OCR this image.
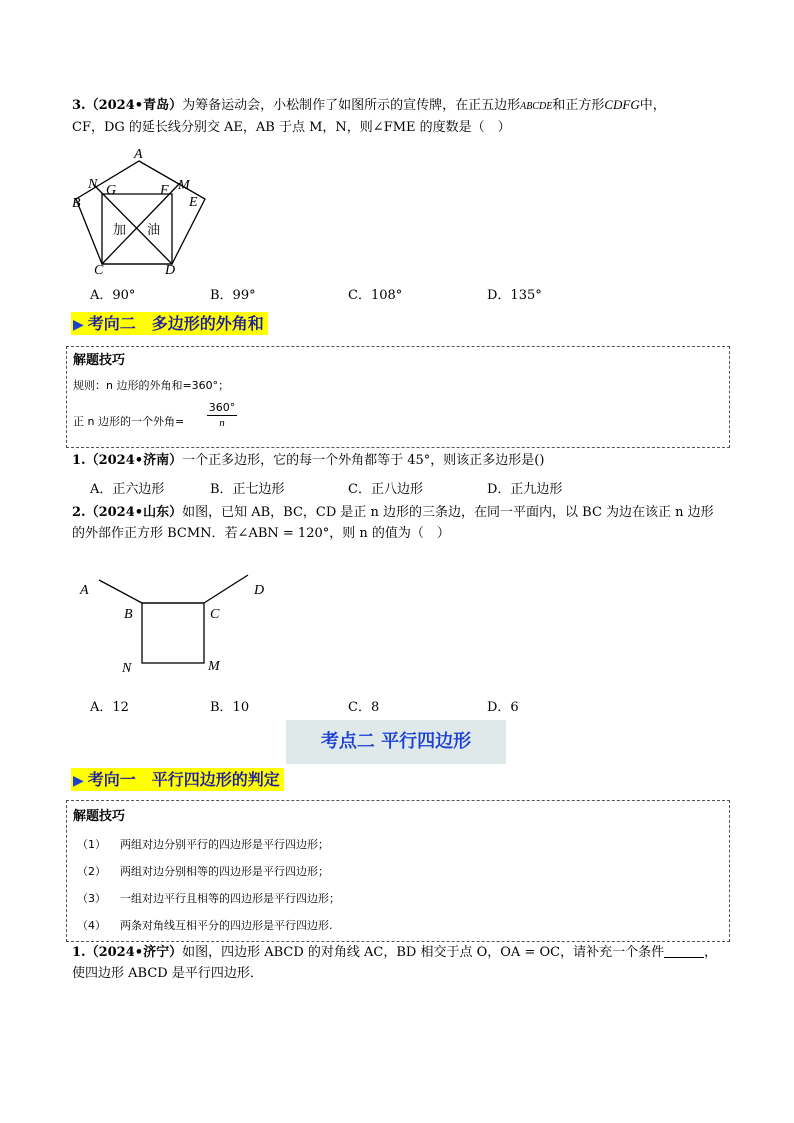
3.（2024•青岛）为筹备运动会，小松制作了如图所示的宣传牌，在正五边形ABCDE和正方形CDFG中，
CF，DG 的延长线分别交 AE，AB 于点 M，N，则∠FME 的度数是（　）
A
N G	F M
E
B
C	D
加 油
A．90°	B．99°	C．108°	D．135°
▶ 考向二　多边形的外角和
解题技巧
规则：n 边形的外角和=360°；
正 n 边形的一个外角= $\frac{360^\circ}{n}$
1.（2024•济南）一个正多边形，它的每一个外角都等于 45°，则该正多边形是()
A．正六边形	B．正七边形	C．正八边形	D．正九边形
2.（2024•山东）如图，已知 AB，BC，CD 是正 n 边形的三条边，在同一平面内，以 BC 为边在该正 n 边形
的外部作正方形 BCMN．若∠ABN = 120°，则 n 的值为（　）
A
B	C
D
N	M
A．12	B．10	C．8	D．6
考点二 平行四边形
▶ 考向一　平行四边形的判定
解题技巧
（1） 两组对边分别平行的四边形是平行四边形；
（2） 两组对边分别相等的四边形是平行四边形；
（3） 一组对边平行且相等的四边形是平行四边形；
（4） 两条对角线互相平分的四边形是平行四边形.
1.（2024•济宁）如图，四边形 ABCD 的对角线 AC，BD 相交于点 O，OA = OC，请补充一个条件	，
使四边形 ABCD 是平行四边形．
